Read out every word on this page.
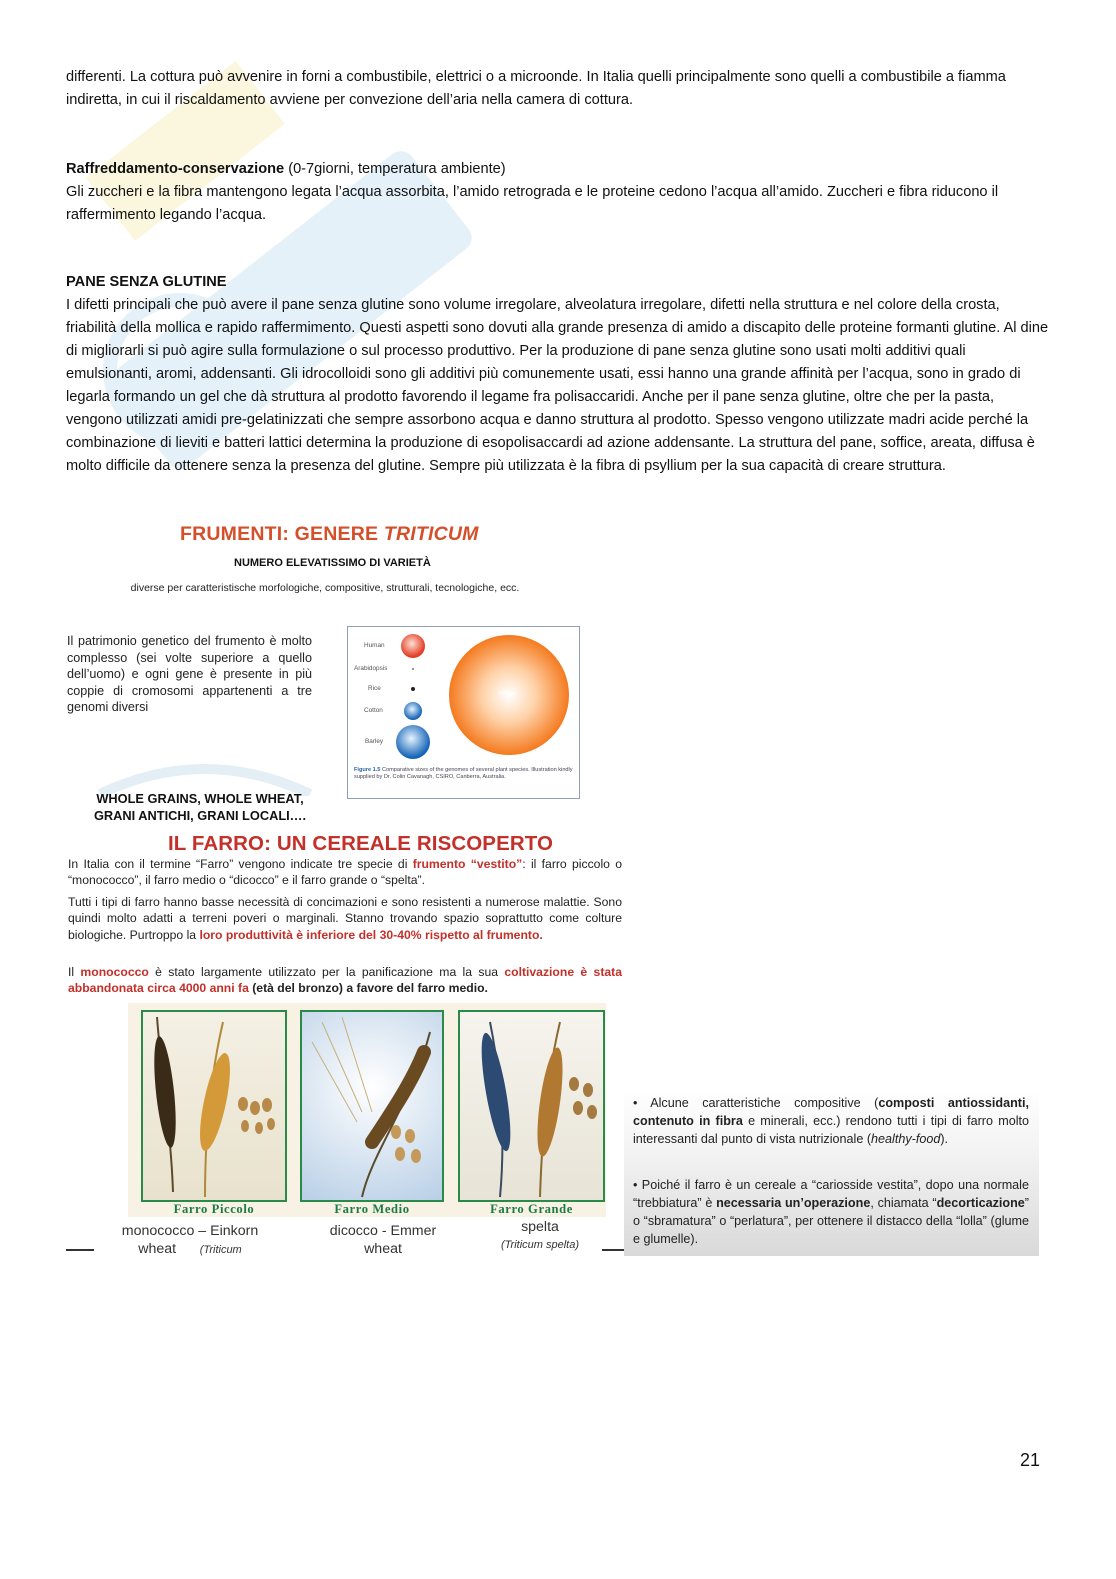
differenti. La cottura può avvenire in forni a combustibile, elettrici o a microonde. In Italia quelli principalmente sono quelli a combustibile a fiamma indiretta, in cui il riscaldamento avviene per convezione dell’aria nella camera di cottura.

Raffreddamento-conservazione (0-7giorni, temperatura ambiente)

Gli zuccheri e la fibra mantengono legata l’acqua assorbita, l’amido retrograda e le proteine cedono l’acqua all’amido. Zuccheri e fibra riducono il raffermimento legando l’acqua.

PANE SENZA GLUTINE

I difetti principali che può avere il pane senza glutine sono volume irregolare, alveolatura irregolare, difetti nella struttura e nel colore della crosta, friabilità della mollica e rapido raffermimento. Questi aspetti sono dovuti alla grande presenza di amido a discapito delle proteine formanti glutine. Al dine di migliorarli si può agire sulla formulazione o sul processo produttivo. Per la produzione di pane senza glutine sono usati molti additivi quali emulsionanti, aromi, addensanti. Gli idrocolloidi sono gli additivi più comunemente usati, essi hanno una grande affinità per l’acqua, sono in grado di legarla formando un gel che dà struttura al prodotto favorendo il legame fra polisaccaridi. Anche per il pane senza glutine, oltre che per la pasta, vengono utilizzati amidi pre-gelatinizzati che sempre assorbono acqua e danno struttura al prodotto. Spesso vengono utilizzate madri acide perché la combinazione di lieviti e batteri lattici determina la produzione di esopolisaccardi ad azione addensante. La struttura del pane, soffice, areata, diffusa è molto difficile da ottenere senza la presenza del glutine. Sempre più utilizzata è la fibra di psyllium per la sua capacità di creare struttura.

FRUMENTI: GENERE TRITICUM
NUMERO ELEVATISSIMO DI VARIETÀ
diverse per caratteristische morfologiche, compositive, strutturali, tecnologiche, ecc.
Il patrimonio genetico del frumento è molto complesso (sei volte superiore a quello dell’uomo) e ogni gene è presente in più coppie di cromosomi appartenenti a tre genomi diversi
WHOLE GRAINS, WHOLE WHEAT, GRANI ANTICHI, GRANI LOCALI….
Human
Arabidopsis
Rice
Cotton
Barley
Wheat
Figure 1.5 Comparative sizes of the genomes of several plant species. Illustration kindly supplied by Dr. Colin Cavanagh, CSIRO, Canberra, Australia.
IL FARRO: UN CEREALE RISCOPERTO
In Italia con il termine “Farro” vengono indicate tre specie di frumento “vestito”: il farro piccolo o “monococco”, il farro medio o “dicocco” e il farro grande o “spelta”.
Tutti i tipi di farro hanno basse necessità di concimazioni e sono resistenti a numerose malattie. Sono quindi molto adatti a terreni poveri o marginali. Stanno trovando spazio soprattutto come colture biologiche. Purtroppo la loro produttività è inferiore del 30-40% rispetto al frumento.
Il monococco è stato largamente utilizzato per la panificazione ma la sua coltivazione è stata abbandonata circa 4000 anni fa (età del bronzo) a favore del farro medio.
Farro Piccolo	Farro Medio	Farro Grande
monococco – Einkorn
wheat (Triticum
dicocco - Emmer
wheat
spelta
(Triticum spelta)

• Alcune caratteristiche compositive (composti antiossidanti, contenuto in fibra e minerali, ecc.) rendono tutti i tipi di farro molto interessanti dal punto di vista nutrizionale (healthy-food).

• Poiché il farro è un cereale a “cariosside vestita”, dopo una normale “trebbiatura” è necessaria un’operazione, chiamata “decorticazione” o “sbramatura” o “perlatura”, per ottenere il distacco della “lolla” (glume e glumelle).

21
